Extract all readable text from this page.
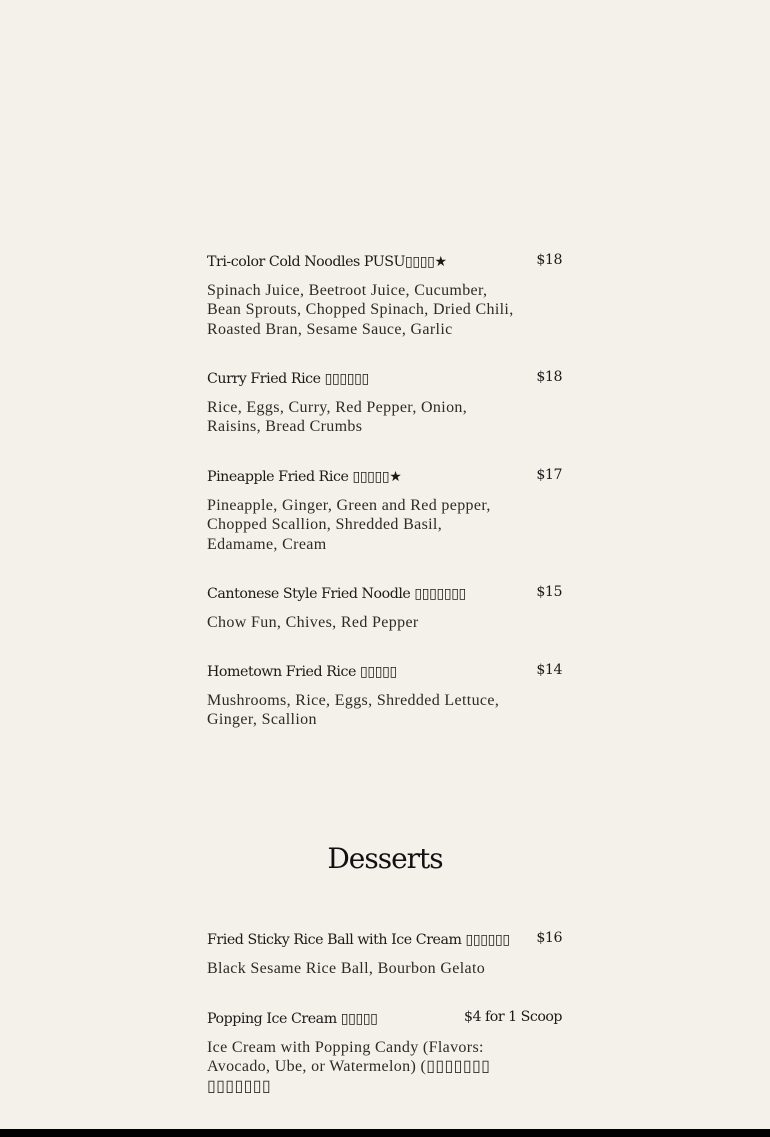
Tri-color Cold Noodles PUSU▯▯▯▯★	$18
Spinach Juice, Beetroot Juice, Cucumber, Bean Sprouts, Chopped Spinach, Dried Chili, Roasted Bran, Sesame Sauce, Garlic
Curry Fried Rice ▯▯▯▯▯▯	$18
Rice, Eggs, Curry, Red Pepper, Onion, Raisins, Bread Crumbs
Pineapple Fried Rice ▯▯▯▯▯★	$17
Pineapple, Ginger, Green and Red pepper, Chopped Scallion, Shredded Basil, Edamame, Cream
Cantonese Style Fried Noodle ▯▯▯▯▯▯▯	$15
Chow Fun, Chives, Red Pepper
Hometown Fried Rice ▯▯▯▯▯	$14
Mushrooms, Rice, Eggs, Shredded Lettuce, Ginger, Scallion
Desserts
Fried Sticky Rice Ball with Ice Cream ▯▯▯▯▯▯ $16
Black Sesame Rice Ball, Bourbon Gelato
Popping Ice Cream ▯▯▯▯▯	$4 for 1 Scoop
Ice Cream with Popping Candy (Flavors: Avocado, Ube, or Watermelon) (▯▯▯▯▯▯▯ ▯▯▯▯▯▯▯
